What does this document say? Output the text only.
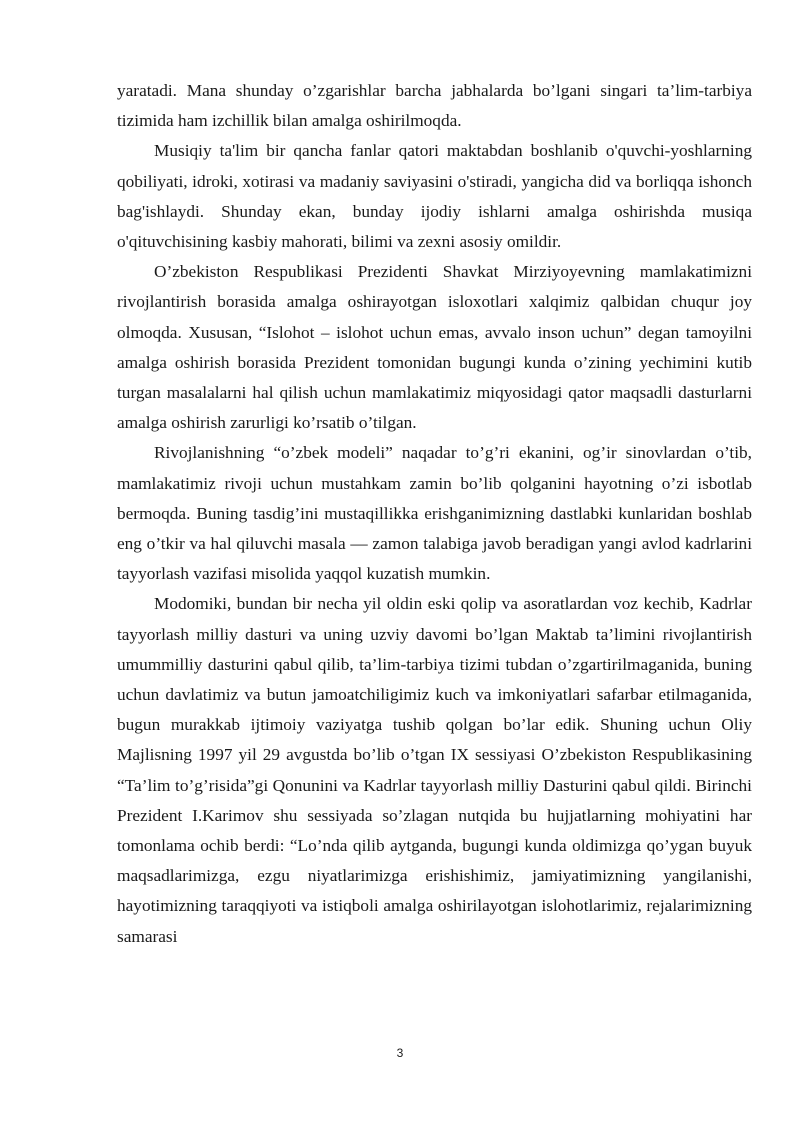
yaratadi. Mana shunday o’zgarishlar barcha jabhalarda bo’lgani singari ta’lim-tarbiya tizimida ham izchillik bilan amalga oshirilmoqda.

Musiqiy ta'lim bir qancha fanlar qatori maktabdan boshlanib o'quvchi-yoshlarning qobiliyati, idroki, xotirasi va madaniy saviyasini o'stiradi, yangicha did va borliqqa ishonch bag'ishlaydi. Shunday ekan, bunday ijodiy ishlarni amalga oshirishda musiqa o'qituvchisining kasbiy mahorati, bilimi va zexni asosiy omildir.

O’zbekiston Respublikasi Prezidenti Shavkat Mirziyoyevning mamlakatimizni rivojlantirish borasida amalga oshirayotgan isloxotlari xalqimiz qalbidan chuqur joy olmoqda. Xususan, “Islohot – islohot uchun emas, avvalo inson uchun” degan tamoyilni amalga oshirish borasida Prezident tomonidan bugungi kunda o’zining yechimini kutib turgan masalalarni hal qilish uchun mamlakatimiz miqyosidagi qator maqsadli dasturlarni amalga oshirish zarurligi ko’rsatib o’tilgan.

Rivojlanishning “o’zbek modeli” naqadar to’g’ri ekanini, og’ir sinovlardan o’tib, mamlakatimiz rivoji uchun mustahkam zamin bo’lib qolganini hayotning o’zi isbotlab bermoqda. Buning tasdig’ini mustaqillikka erishganimizning dastlabki kunlaridan boshlab eng o’tkir va hal qiluvchi masala — zamon talabiga javob beradigan yangi avlod kadrlarini tayyorlash vazifasi misolida yaqqol kuzatish mumkin.

Modomiki, bundan bir necha yil oldin eski qolip va asoratlardan voz kechib, Kadrlar tayyorlash milliy dasturi va uning uzviy davomi bo’lgan Maktab ta’limini rivojlantirish umummilliy dasturini qabul qilib, ta’lim-tarbiya tizimi tubdan o’zgartirilmaganida, buning uchun davlatimiz va butun jamoatchiligimiz kuch va imkoniyatlari safarbar etilmaganida, bugun murakkab ijtimoiy vaziyatga tushib qolgan bo’lar edik. Shuning uchun Oliy Majlisning 1997 yil 29 avgustda bo’lib o’tgan IX sessiyasi O’zbekiston Respublikasining “Ta’lim to’g’risida”gi Qonunini va Kadrlar tayyorlash milliy Dasturini qabul qildi. Birinchi Prezident I.Karimov shu sessiyada so’zlagan nutqida bu hujjatlarning mohiyatini har tomonlama ochib berdi: “Lo’nda qilib aytganda, bugungi kunda oldimizga qo’ygan buyuk maqsadlarimizga, ezgu niyatlarimizga erishishimiz, jamiyatimizning yangilanishi, hayotimizning taraqqiyoti va istiqboli amalga oshirilayotgan islohotlarimiz, rejalarimizning samarasi

3
